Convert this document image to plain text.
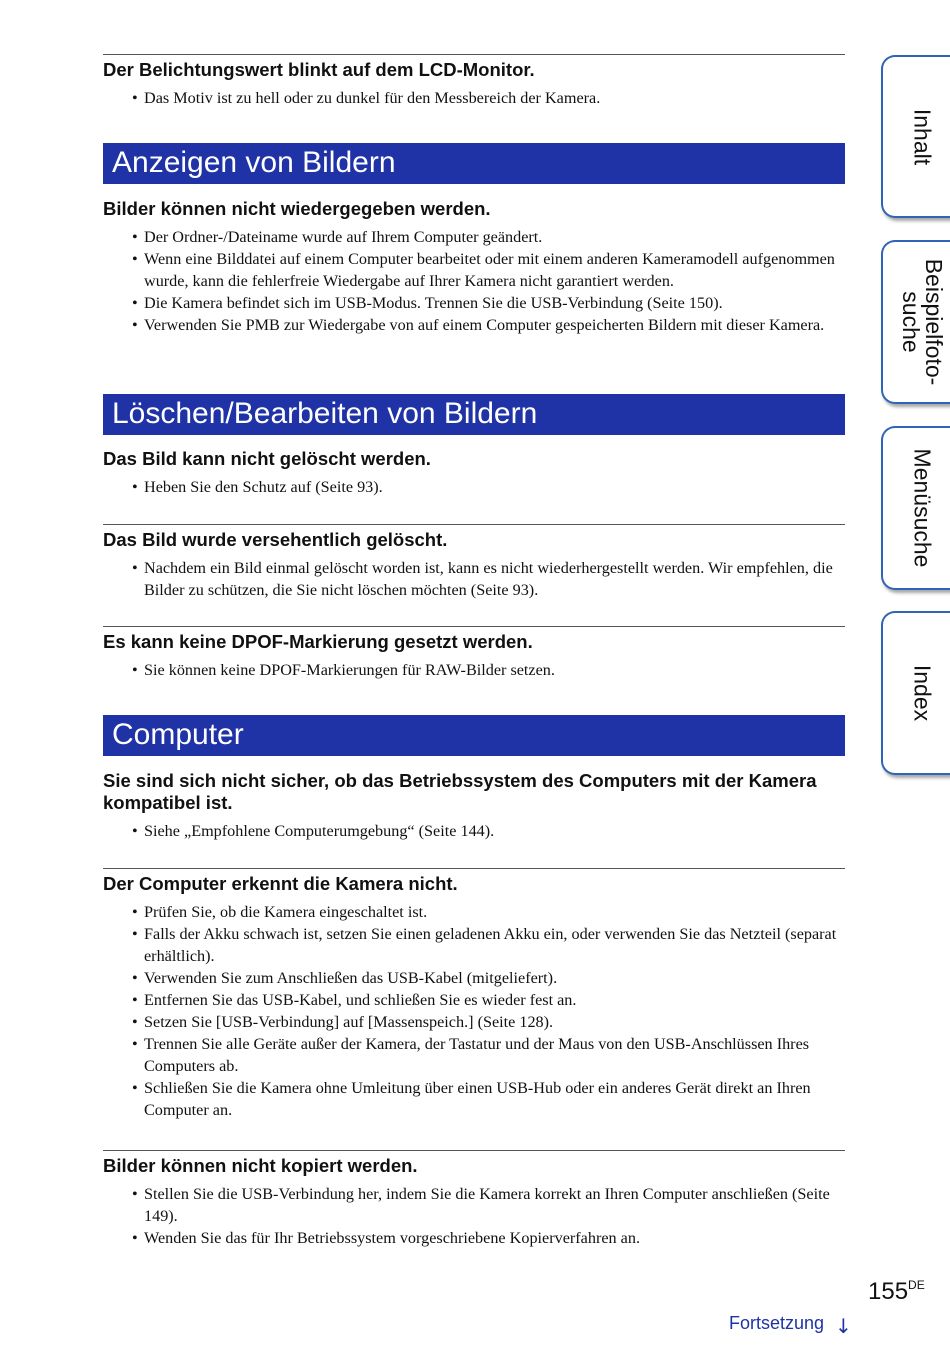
Der Belichtungswert blinkt auf dem LCD-Monitor.
• Das Motiv ist zu hell oder zu dunkel für den Messbereich der Kamera.
Anzeigen von Bildern
Bilder können nicht wiedergegeben werden.
• Der Ordner-/Dateiname wurde auf Ihrem Computer geändert.
• Wenn eine Bilddatei auf einem Computer bearbeitet oder mit einem anderen Kameramodell aufgenommen wurde, kann die fehlerfreie Wiedergabe auf Ihrer Kamera nicht garantiert werden.
• Die Kamera befindet sich im USB-Modus. Trennen Sie die USB-Verbindung (Seite 150).
• Verwenden Sie PMB zur Wiedergabe von auf einem Computer gespeicherten Bildern mit dieser Kamera.
Löschen/Bearbeiten von Bildern
Das Bild kann nicht gelöscht werden.
• Heben Sie den Schutz auf (Seite 93).
Das Bild wurde versehentlich gelöscht.
• Nachdem ein Bild einmal gelöscht worden ist, kann es nicht wiederhergestellt werden. Wir empfehlen, die Bilder zu schützen, die Sie nicht löschen möchten (Seite 93).
Es kann keine DPOF-Markierung gesetzt werden.
• Sie können keine DPOF-Markierungen für RAW-Bilder setzen.
Computer
Sie sind sich nicht sicher, ob das Betriebssystem des Computers mit der Kamera kompatibel ist.
• Siehe „Empfohlene Computerumgebung“ (Seite 144).
Der Computer erkennt die Kamera nicht.
• Prüfen Sie, ob die Kamera eingeschaltet ist.
• Falls der Akku schwach ist, setzen Sie einen geladenen Akku ein, oder verwenden Sie das Netzteil (separat erhältlich).
• Verwenden Sie zum Anschließen das USB-Kabel (mitgeliefert).
• Entfernen Sie das USB-Kabel, und schließen Sie es wieder fest an.
• Setzen Sie [USB-Verbindung] auf [Massenspeich.] (Seite 128).
• Trennen Sie alle Geräte außer der Kamera, der Tastatur und der Maus von den USB-Anschlüssen Ihres Computers ab.
• Schließen Sie die Kamera ohne Umleitung über einen USB-Hub oder ein anderes Gerät direkt an Ihren Computer an.
Bilder können nicht kopiert werden.
• Stellen Sie die USB-Verbindung her, indem Sie die Kamera korrekt an Ihren Computer anschließen (Seite 149).
• Wenden Sie das für Ihr Betriebssystem vorgeschriebene Kopierverfahren an.
Inhalt
Beispielfoto-
suche
Menüsuche
Index
155DE
Fortsetzung ↓
